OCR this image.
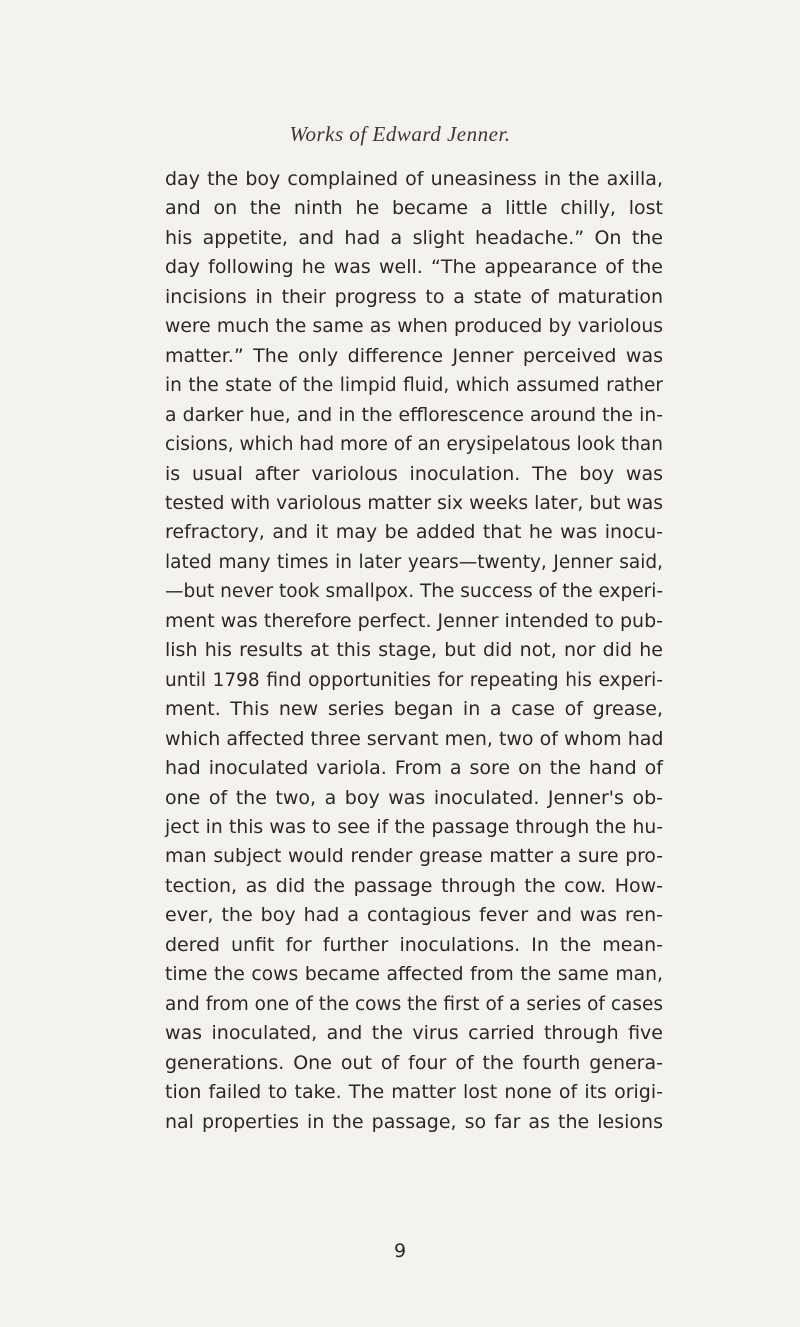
Works of Edward Jenner.
day the boy complained of uneasiness in the axilla,
and on the ninth he became a little chilly, lost
his appetite, and had a slight headache.” On the
day following he was well. “The appearance of the
incisions in their progress to a state of maturation
were much the same as when produced by variolous
matter.” The only difference Jenner perceived was
in the state of the limpid fluid, which assumed rather
a darker hue, and in the efflorescence around the in-
cisions, which had more of an erysipelatous look than
is usual after variolous inoculation. The boy was
tested with variolous matter six weeks later, but was
refractory, and it may be added that he was inocu-
lated many times in later years—twenty, Jenner said,
—but never took smallpox. The success of the experi-
ment was therefore perfect. Jenner intended to pub-
lish his results at this stage, but did not, nor did he
until 1798 find opportunities for repeating his experi-
ment. This new series began in a case of grease,
which affected three servant men, two of whom had
had inoculated variola. From a sore on the hand of
one of the two, a boy was inoculated. Jenner's ob-
ject in this was to see if the passage through the hu-
man subject would render grease matter a sure pro-
tection, as did the passage through the cow. How-
ever, the boy had a contagious fever and was ren-
dered unfit for further inoculations. In the mean-
time the cows became affected from the same man,
and from one of the cows the first of a series of cases
was inoculated, and the virus carried through five
generations. One out of four of the fourth genera-
tion failed to take. The matter lost none of its origi-
nal properties in the passage, so far as the lesions
9
